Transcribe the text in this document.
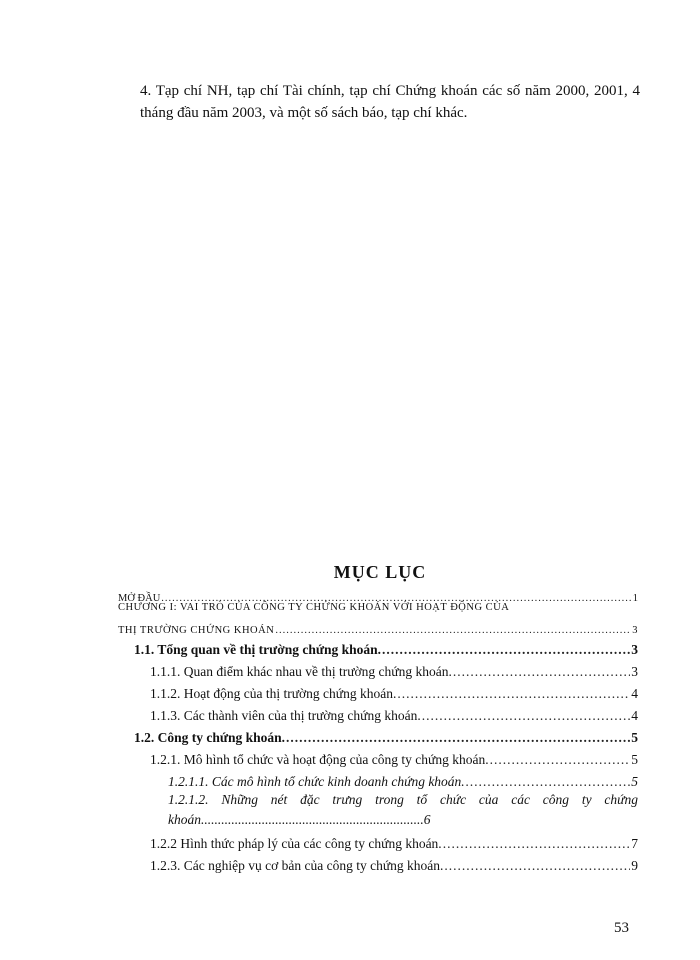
4. Tạp chí NH, tạp chí Tài chính, tạp chí Chứng khoán các số năm 2000, 2001, 4 tháng đầu năm 2003, và một số sách báo, tạp chí khác.

MỤC LỤC
MỞ ĐẦU .....	1
CHƯƠNG I: VAI TRÒ CỦA CÔNG TY CHỨNG KHOÁN VỚI HOẠT ĐỘNG CỦA
THỊ TRƯỜNG CHỨNG KHOÁN .....	3
1.1. Tổng quan về thị trường chứng khoán. .....	3
1.1.1. Quan điểm khác nhau về thị trường chứng khoán. .....	3
1.1.2. Hoạt động của thị trường chứng khoán. .....	4
1.1.3. Các thành viên của thị trường chứng khoán. .....	4
1.2. Công ty chứng khoán. .....	5
1.2.1. Mô hình tổ chức và hoạt động của công ty chứng khoán. .....	5
1.2.1.1. Các mô hình tổ chức kinh doanh chứng khoán. .....	5
1.2.1.2. Những nét đặc trưng trong tổ chức của các công ty chứng khoán..................................................................6
1.2.2 Hình thức pháp lý của các công ty chứng khoán. .....	7
1.2.3. Các nghiệp vụ cơ bản của công ty chứng khoán. .....	9
53
